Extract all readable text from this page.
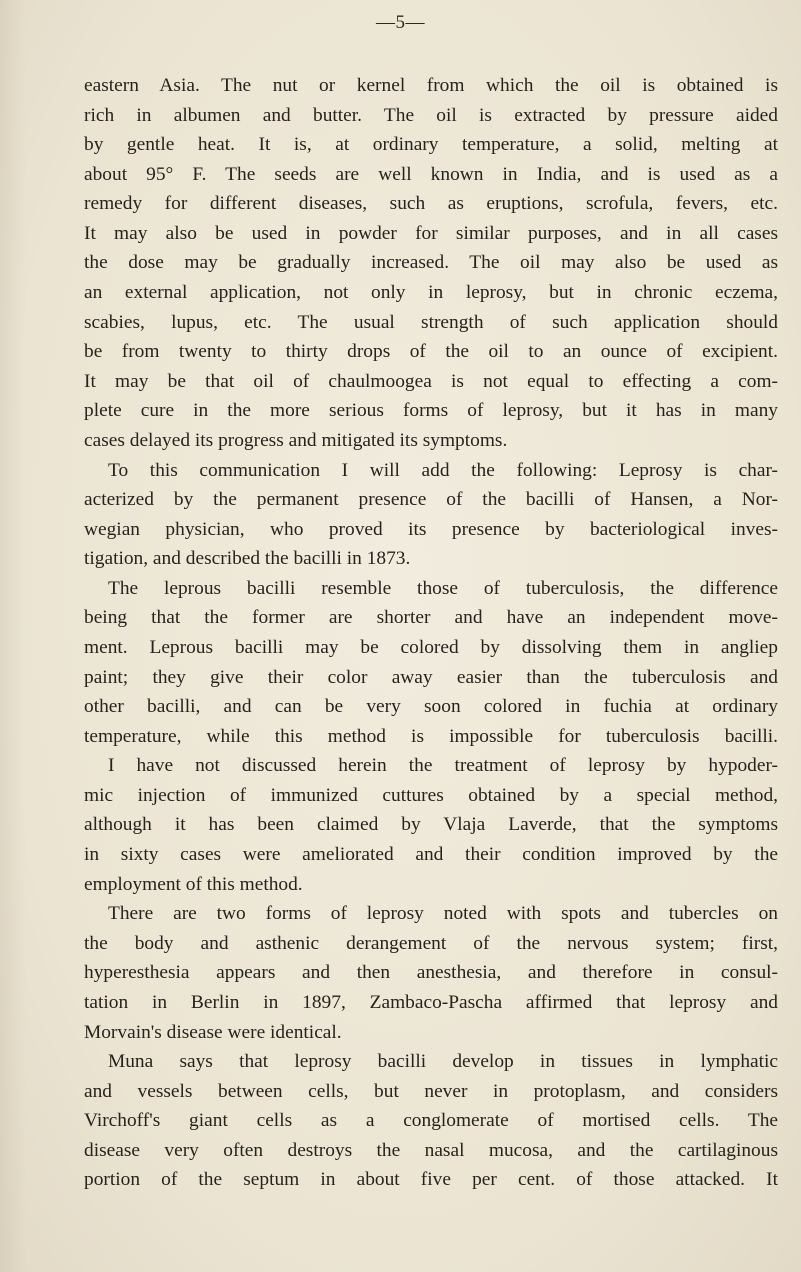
—5—
eastern Asia. The nut or kernel from which the oil is obtained is
rich in albumen and butter. The oil is extracted by pressure aided
by gentle heat. It is, at ordinary temperature, a solid, melting at
about 95° F. The seeds are well known in India, and is used as a
remedy for different diseases, such as eruptions, scrofula, fevers, etc.
It may also be used in powder for similar purposes, and in all cases
the dose may be gradually increased. The oil may also be used as
an external application, not only in leprosy, but in chronic eczema,
scabies, lupus, etc. The usual strength of such application should
be from twenty to thirty drops of the oil to an ounce of excipient.
It may be that oil of chaulmoogea is not equal to effecting a com-
plete cure in the more serious forms of leprosy, but it has in many
cases delayed its progress and mitigated its symptoms.
To this communication I will add the following: Leprosy is char-
acterized by the permanent presence of the bacilli of Hansen, a Nor-
wegian physician, who proved its presence by bacteriological inves-
tigation, and described the bacilli in 1873.
The leprous bacilli resemble those of tuberculosis, the difference
being that the former are shorter and have an independent move-
ment. Leprous bacilli may be colored by dissolving them in angliер
paint; they give their color away easier than the tuberculosis and
other bacilli, and can be very soon colored in fuchia at ordinary
temperature, while this method is impossible for tuberculosis bacilli.
I have not discussed herein the treatment of leprosy by hypoder-
mic injection of immunized cuttures obtained by a special method,
although it has been claimed by Vlaja Laverde, that the symptoms
in sixty cases were ameliorated and their condition improved by the
employment of this method.
There are two forms of leprosy noted with spots and tubercles on
the body and asthenic derangement of the nervous system; first,
hyperesthesia appears and then anesthesia, and therefore in consul-
tation in Berlin in 1897, Zambaco-Pascha affirmed that leprosy and
Morvain's disease were identical.
Muna says that leprosy bacilli develop in tissues in lymphatic
and vessels between cells, but never in protoplasm, and considers
Virchoff's giant cells as a conglomerate of mortised cells. The
disease very often destroys the nasal mucosa, and the cartilaginous
portion of the septum in about five per cent. of those attacked. It
